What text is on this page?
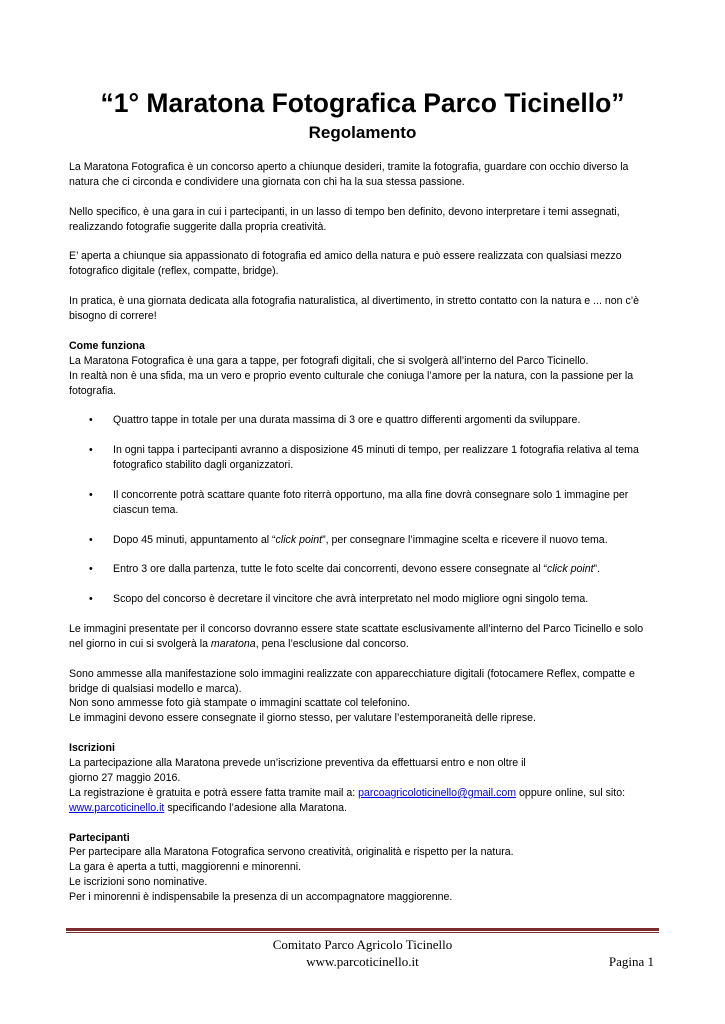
“1° Maratona Fotografica Parco Ticinello”
Regolamento

La Maratona Fotografica è un concorso aperto a chiunque desideri, tramite la fotografia, guardare con occhio diverso la natura che ci circonda e condividere una giornata con chi ha la sua stessa passione.

Nello specifico, è una gara in cui i partecipanti, in un lasso di tempo ben definito, devono interpretare i temi assegnati, realizzando fotografie suggerite dalla propria creatività.

E’ aperta a chiunque sia appassionato di fotografia ed amico della natura e può essere realizzata con qualsiasi mezzo fotografico digitale (reflex, compatte, bridge).

In pratica, è una giornata dedicata alla fotografia naturalistica, al divertimento, in stretto contatto con la natura e ... non c’è bisogno di correre!

Come funziona

La Maratona Fotografica è una gara a tappe, per fotografi digitali, che si svolgerà all’interno del Parco Ticinello.

In realtà non è una sfida, ma un vero e proprio evento culturale che coniuga l’amore per la natura, con la passione per la fotografia.

• Quattro tappe in totale per una durata massima di 3 ore e quattro differenti argomenti da sviluppare.
• In ogni tappa i partecipanti avranno a disposizione 45 minuti di tempo, per realizzare 1 fotografia relativa al tema fotografico stabilito dagli organizzatori.
• Il concorrente potrà scattare quante foto riterrà opportuno, ma alla fine dovrà consegnare solo 1 immagine per ciascun tema.
• Dopo 45 minuti, appuntamento al “click point”, per consegnare l’immagine scelta e ricevere il nuovo tema.
• Entro 3 ore dalla partenza, tutte le foto scelte dai concorrenti, devono essere consegnate al “click point”.
• Scopo del concorso è decretare il vincitore che avrà interpretato nel modo migliore ogni singolo tema.

Le immagini presentate per il concorso dovranno essere state scattate esclusivamente all’interno del Parco Ticinello e solo nel giorno in cui si svolgerà la maratona, pena l’esclusione dal concorso.

Sono ammesse alla manifestazione solo immagini realizzate con apparecchiature digitali (fotocamere Reflex, compatte e bridge di qualsiasi modello e marca).

Non sono ammesse foto già stampate o immagini scattate col telefonino.

Le immagini devono essere consegnate il giorno stesso, per valutare l’estemporaneità delle riprese.

Iscrizioni

La partecipazione alla Maratona prevede un’iscrizione preventiva da effettuarsi entro e non oltre il

giorno 27 maggio 2016.

La registrazione è gratuita e potrà essere fatta tramite mail a: parcoagricoloticinello@gmail.com oppure online, sul sito: www.parcoticinello.it specificando l’adesione alla Maratona.

Partecipanti

Per partecipare alla Maratona Fotografica servono creatività, originalità e rispetto per la natura.

La gara è aperta a tutti, maggiorenni e minorenni.

Le iscrizioni sono nominative.

Per i minorenni è indispensabile la presenza di un accompagnatore maggiorenne.

Comitato Parco Agricolo Ticinello
www.parcoticinello.it	Pagina 1
